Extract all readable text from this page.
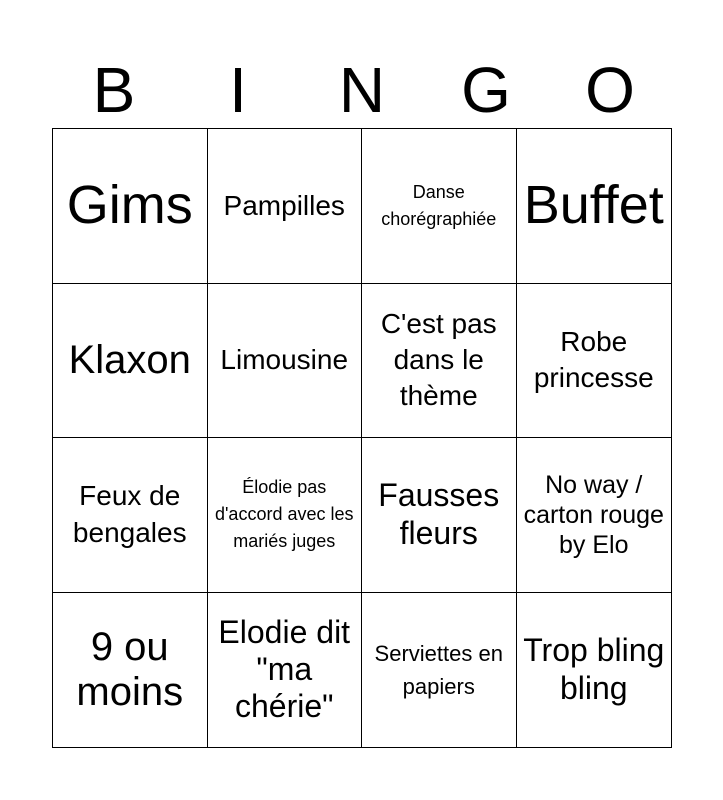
B	I	N	G	O
Gims Pampilles	Danse chorégraphiée Buffet
Klaxon Limousine
C'est pas dans le thème
Robe princesse
Feux de bengales
Élodie pas d'accord avec les mariés juges
Fausses fleurs
No way / carton rouge by Elo
9 ou moins
Elodie dit "ma chérie"
Serviettes en papiers
Trop bling bling
